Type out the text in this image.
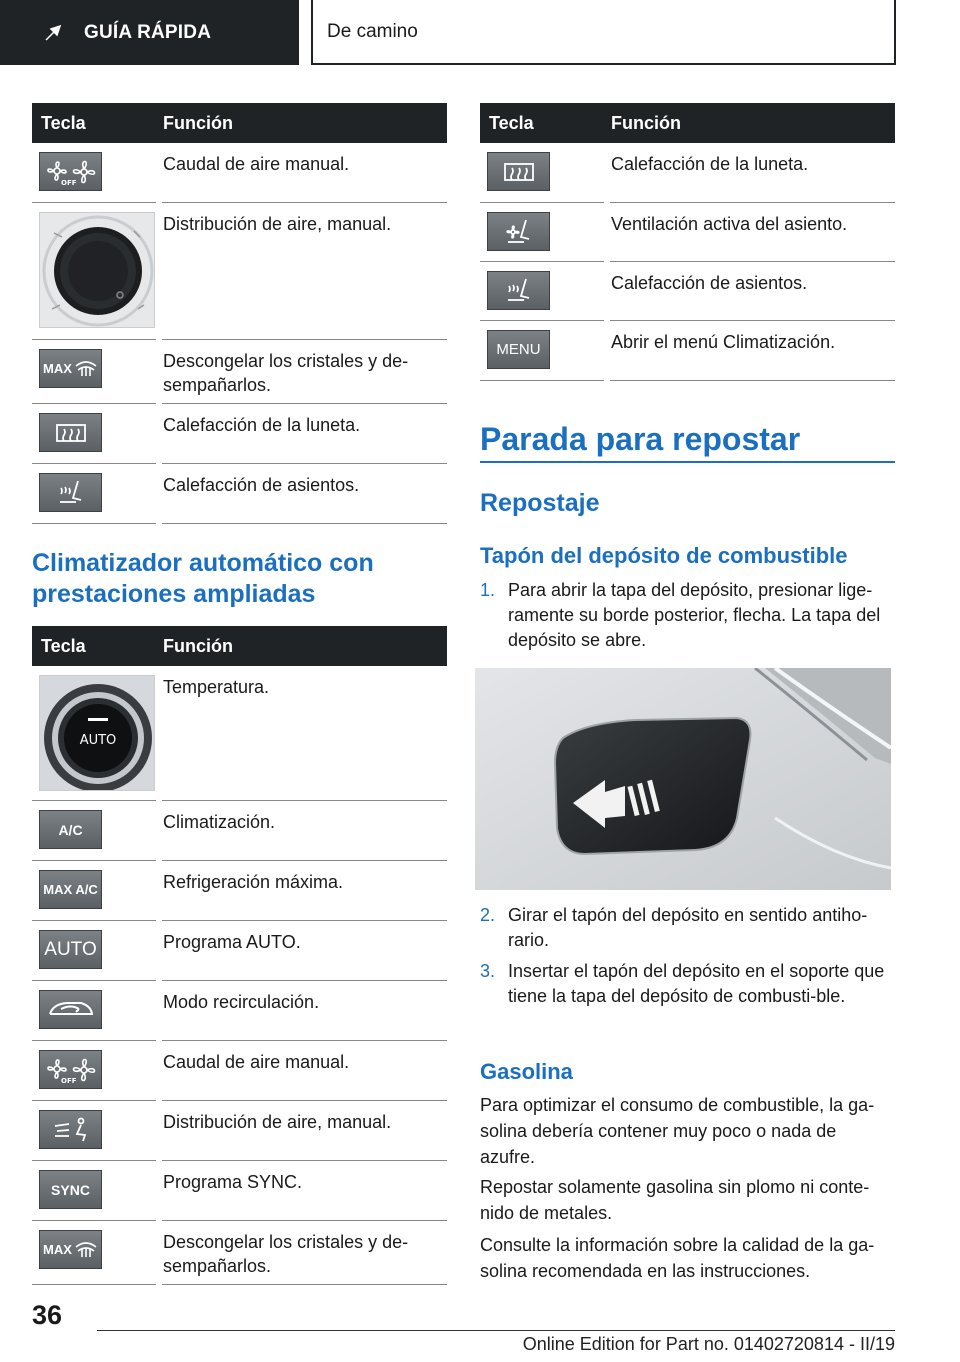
GUÍA RÁPIDA	De camino
Tecla	Función
OFF
Caudal de aire manual.
Distribución de aire, manual.
MAX	Descongelar los cristales y de-sempañarlos.
Calefacción de la luneta.
Calefacción de asientos.
Climatizador automático con prestaciones ampliadas
Tecla	Función
AUTO
Temperatura.
A/C	Climatización.
MAX A/C	Refrigeración máxima.
AUTO	Programa AUTO.
Modo recirculación.
OFF
Caudal de aire manual.
Distribución de aire, manual.
SYNC	Programa SYNC.
MAX	Descongelar los cristales y de-sempañarlos.
Tecla	Función
Calefacción de la luneta.
Ventilación activa del asiento.
Calefacción de asientos.
MENU	Abrir el menú Climatización.
Parada para repostar
Repostaje
Tapón del depósito de combustible
1. Para abrir la tapa del depósito, presionar lige-ramente su borde posterior, flecha. La tapa del depósito se abre.
2. Girar el tapón del depósito en sentido antiho-rario.
3. Insertar el tapón del depósito en el soporte que tiene la tapa del depósito de combusti-ble.
Gasolina
Para optimizar el consumo de combustible, la ga-solina debería contener muy poco o nada de azufre.
Repostar solamente gasolina sin plomo ni conte-nido de metales.
Consulte la información sobre la calidad de la ga-solina recomendada en las instrucciones.
36
Online Edition for Part no. 01402720814 - II/19
